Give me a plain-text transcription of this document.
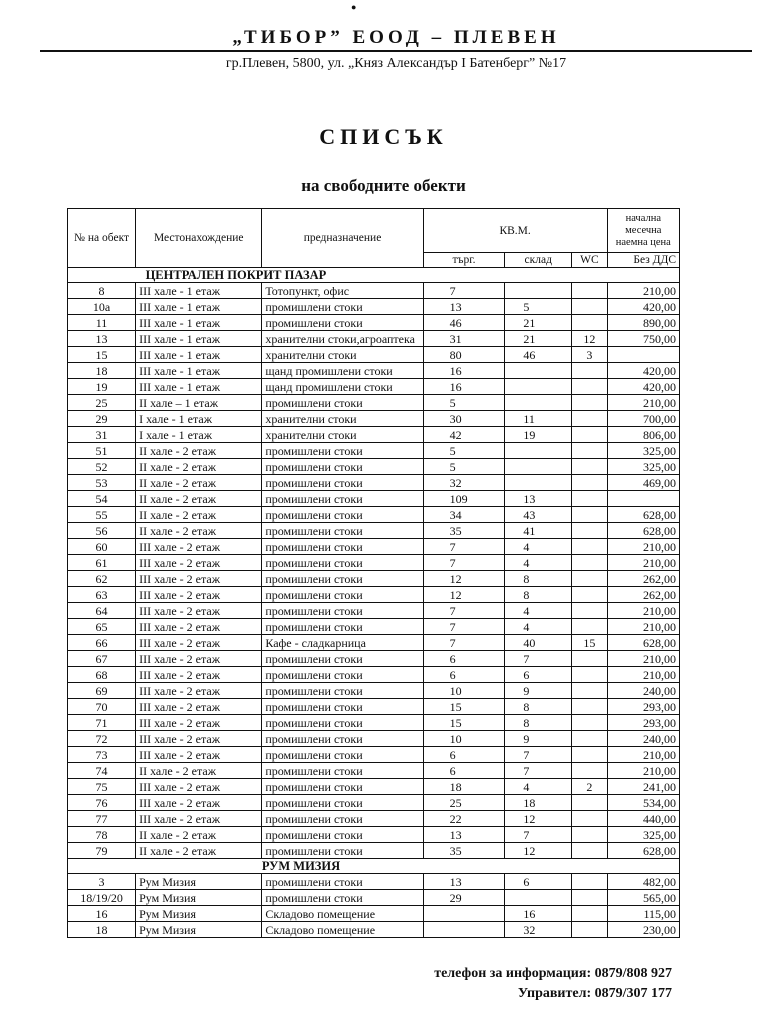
●
„ТИБОР” ЕООД – ПЛЕВЕН
гр.Плевен, 5800, ул. „Княз Александър I Батенберг” №17
СПИСЪК
на свободните обекти
№ на обект	Местонахождение	предназначение	КВ.М.			начална месечна наемна цена
			търг.	склад	WC	Без ДДС
	ЦЕНТРАЛЕН ПОКРИТ ПАЗАР					
8	III хале - 1 етаж	Тотопункт, офис	7			210,00
10а	III хале - 1 етаж	промишлени стоки	13	5		420,00
11	III хале - 1 етаж	промишлени стоки	46	21		890,00
13	III хале - 1 етаж	хранителни стоки,агроаптека	31	21	12	750,00
15	III хале - 1 етаж	хранителни стоки	80	46	3	
18	III хале - 1 етаж	щанд промишлени стоки	16			420,00
19	III хале - 1 етаж	щанд промишлени стоки	16			420,00
25	II хале – 1 етаж	промишлени стоки	5			210,00
29	I хале - 1 етаж	хранителни стоки	30	11		700,00
31	I хале - 1 етаж	хранителни стоки	42	19		806,00
51	II хале - 2 етаж	промишлени стоки	5			325,00
52	II хале - 2 етаж	промишлени стоки	5			325,00
53	II хале - 2 етаж	промишлени стоки	32			469,00
54	II хале - 2 етаж	промишлени стоки	109	13		
55	II хале - 2 етаж	промишлени стоки	34	43		628,00
56	II хале - 2 етаж	промишлени стоки	35	41		628,00
60	III хале - 2 етаж	промишлени стоки	7	4		210,00
61	III хале - 2 етаж	промишлени стоки	7	4		210,00
62	III хале - 2 етаж	промишлени стоки	12	8		262,00
63	III хале - 2 етаж	промишлени стоки	12	8		262,00
64	III хале - 2 етаж	промишлени стоки	7	4		210,00
65	III хале - 2 етаж	промишлени стоки	7	4		210,00
66	III хале - 2 етаж	Кафе - сладкарница	7	40	15	628,00
67	III хале - 2 етаж	промишлени стоки	6	7		210,00
68	III хале - 2 етаж	промишлени стоки	6	6		210,00
69	III хале - 2 етаж	промишлени стоки	10	9		240,00
70	III хале - 2 етаж	промишлени стоки	15	8		293,00
71	III хале - 2 етаж	промишлени стоки	15	8		293,00
72	III хале - 2 етаж	промишлени стоки	10	9		240,00
73	III хале - 2 етаж	промишлени стоки	6	7		210,00
74	II хале - 2 етаж	промишлени стоки	6	7		210,00
75	III хале - 2 етаж	промишлени стоки	18	4	2	241,00
76	III хале - 2 етаж	промишлени стоки	25	18		534,00
77	III хале - 2 етаж	промишлени стоки	22	12		440,00
78	II хале - 2 етаж	промишлени стоки	13	7		325,00
79	II хале - 2 етаж	промишлени стоки	35	12		628,00
		РУМ МИЗИЯ				
3	Рум Мизия	промишлени стоки	13	6		482,00
18/19/20	Рум Мизия	промишлени стоки	29			565,00
16	Рум Мизия	Складово помещение		16		115,00
18	Рум Мизия	Складово помещение		32		230,00
телефон за информация: 0879/808 927
Управител: 0879/307 177
